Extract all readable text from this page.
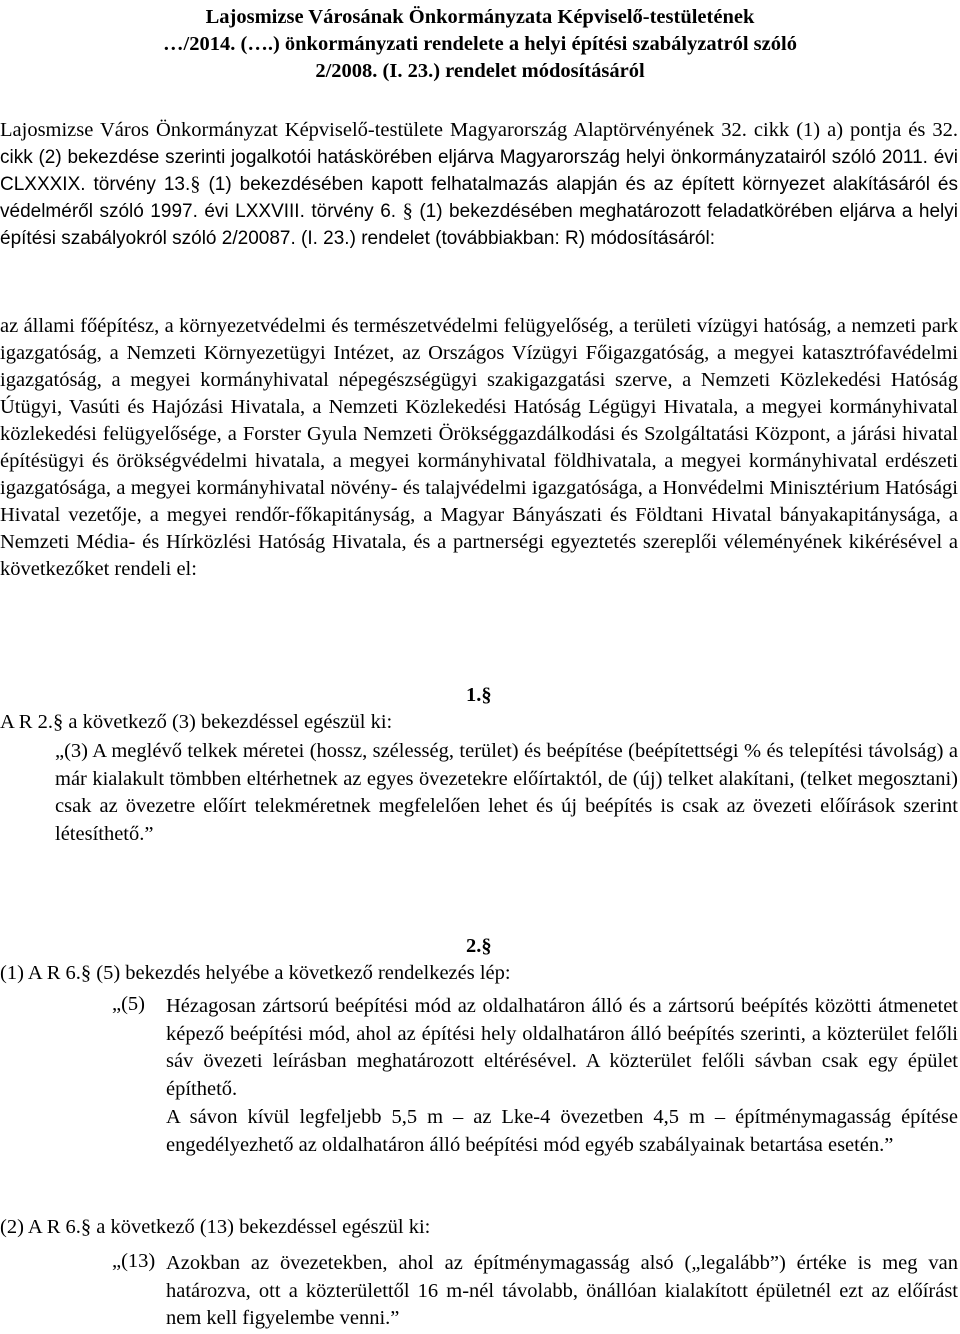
Lajosmizse Városának Önkormányzata Képviselő-testületének
…/2014. (….) önkormányzati rendelete a helyi építési szabályzatról szóló
2/2008. (I. 23.) rendelet módosításáról
Lajosmizse Város Önkormányzat Képviselő-testülete Magyarország Alaptörvényének 32. cikk (1) a) pontja és 32. cikk (2) bekezdése szerinti jogalkotói hatáskörében eljárva Magyarország helyi önkormányzatairól szóló 2011. évi CLXXXIX. törvény 13.§ (1) bekezdésében kapott felhatalmazás alapján és az épített környezet alakításáról és védelméről szóló 1997. évi LXXVIII. törvény 6. § (1) bekezdésében meghatározott feladatkörében eljárva a helyi építési szabályokról szóló 2/20087. (I. 23.) rendelet (továbbiakban: R) módosításáról:
az állami főépítész, a környezetvédelmi és természetvédelmi felügyelőség, a területi vízügyi hatóság, a nemzeti park igazgatóság, a Nemzeti Környezetügyi Intézet, az Országos Vízügyi Főigazgatóság, a megyei katasztrófavédelmi igazgatóság, a megyei kormányhivatal népegészségügyi szakigazgatási szerve, a Nemzeti Közlekedési Hatóság Útügyi, Vasúti és Hajózási Hivatala, a Nemzeti Közlekedési Hatóság Légügyi Hivatala, a megyei kormányhivatal közlekedési felügyelősége, a Forster Gyula Nemzeti Örökséggazdálkodási és Szolgáltatási Központ, a járási hivatal építésügyi és örökségvédelmi hivatala, a megyei kormányhivatal földhivatala, a megyei kormányhivatal erdészeti igazgatósága, a megyei kormányhivatal növény- és talajvédelmi igazgatósága, a Honvédelmi Minisztérium Hatósági Hivatal vezetője, a megyei rendőr-főkapitányság, a Magyar Bányászati és Földtani Hivatal bányakapitánysága, a Nemzeti Média- és Hírközlési Hatóság Hivatala, és a partnerségi egyeztetés szereplői véleményének kikérésével a következőket rendeli el:
1.§
A R 2.§ a következő (3) bekezdéssel egészül ki:
„(3) A meglévő telkek méretei (hossz, szélesség, terület) és beépítése (beépítettségi % és telepítési távolság) a már kialakult tömbben eltérhetnek az egyes övezetekre előírtaktól, de (új) telket alakítani, (telket megosztani) csak az övezetre előírt telekméretnek megfelelően lehet és új beépítés is csak az övezeti előírások szerint létesíthető.”
2.§
(1) A R 6.§ (5) bekezdés helyébe a következő rendelkezés lép:
„(5) Hézagosan zártsorú beépítési mód az oldalhatáron álló és a zártsorú beépítés közötti átmenetet képező beépítési mód, ahol az építési hely oldalhatáron álló beépítés szerinti, a közterület felőli sáv övezeti leírásban meghatározott eltérésével. A közterület felőli sávban csak egy épület építhető.
A sávon kívül legfeljebb 5,5 m – az Lke-4 övezetben 4,5 m – építménymagasság építése engedélyezhető az oldalhatáron álló beépítési mód egyéb szabályainak betartása esetén.”
(2) A R 6.§ a következő (13) bekezdéssel egészül ki:
„(13) Azokban az övezetekben, ahol az építménymagasság alsó („legalább”) értéke is meg van határozva, ott a közterülettől 16 m-nél távolabb, önállóan kialakított épületnél ezt az előírást nem kell figyelembe venni.”
